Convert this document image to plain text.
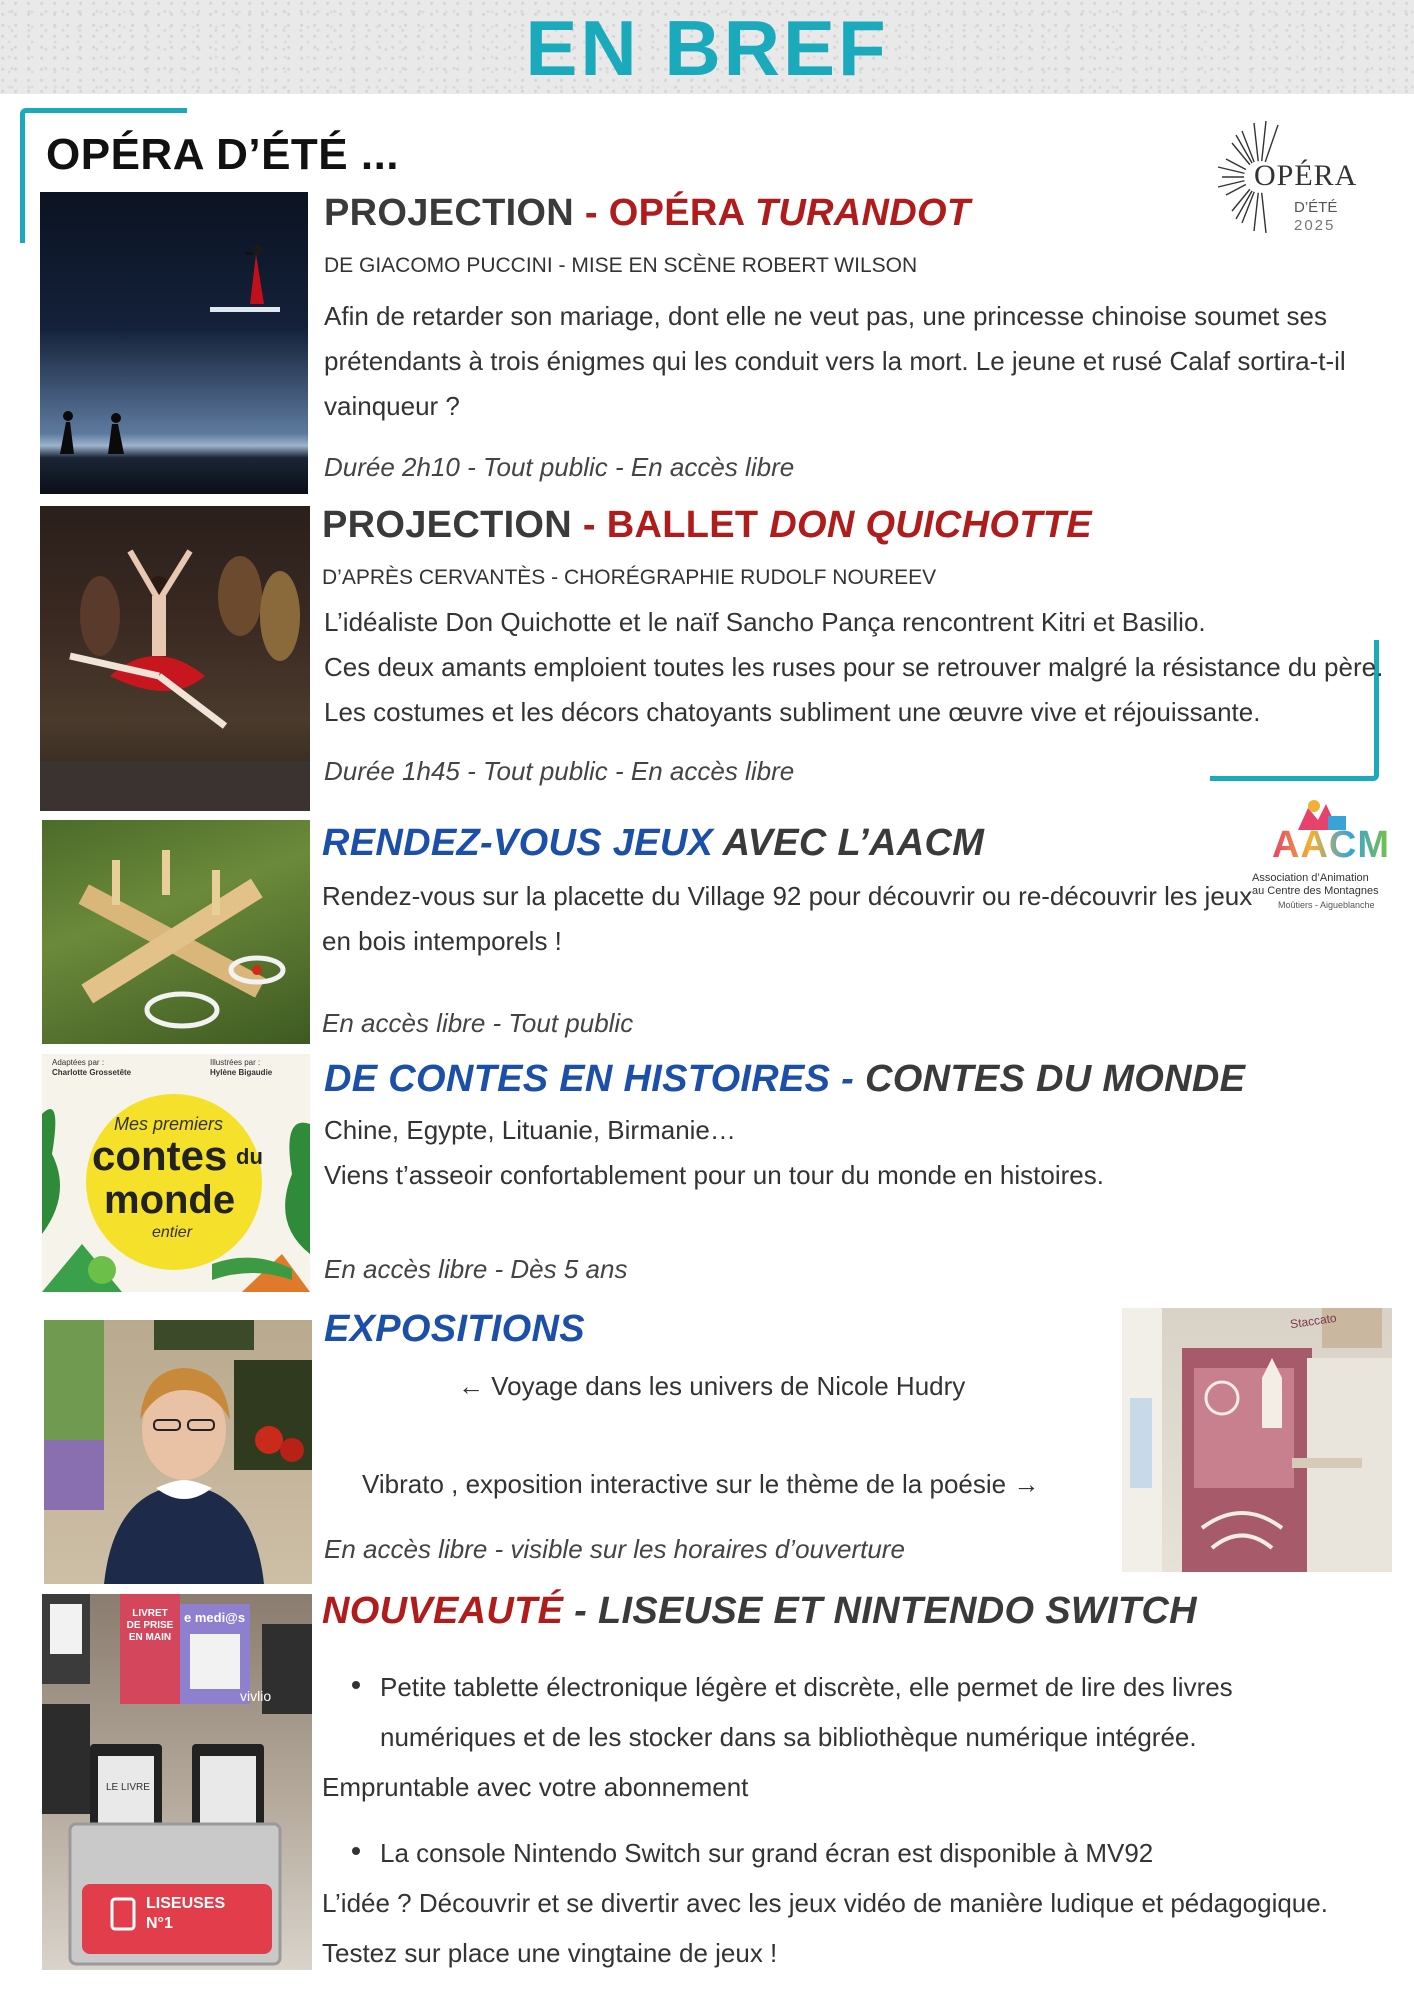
EN BREF
OPÉRA D’ÉTÉ ...	OPÉRA
D’ÉTÉ
2025
PROJECTION - OPÉRA TURANDOT
DE GIACOMO PUCCINI - MISE EN SCÈNE ROBERT WILSON
Afin de retarder son mariage, dont elle ne veut pas, une princesse chinoise soumet ses
prétendants à trois énigmes qui les conduit vers la mort. Le jeune et rusé Calaf sortira-t-il
vainqueur ?
Durée 2h10 - Tout public - En accès libre
PROJECTION - BALLET DON QUICHOTTE
D’APRÈS CERVANTÈS - CHORÉGRAPHIE RUDOLF NOUREEV
L’idéaliste Don Quichotte et le naïf Sancho Pança rencontrent Kitri et Basilio.
Ces deux amants emploient toutes les ruses pour se retrouver malgré la résistance du père.
Les costumes et les décors chatoyants subliment une œuvre vive et réjouissante.
Durée 1h45 - Tout public - En accès libre
RENDEZ-VOUS JEUX AVEC L’AACM
Rendez-vous sur la placette du Village 92 pour découvrir ou re-découvrir les jeux
en bois intemporels !
En accès libre - Tout public
AACM
Association d’Animation
au Centre des Montagnes
Moûtiers - Aigueblanche
Adaptées par :
Charlotte Grossetête
Illustrées par :
Hylène Bigaudie
Mes premiers
contes du
monde
entier
DE CONTES EN HISTOIRES - CONTES DU MONDE
Chine, Egypte, Lituanie, Birmanie…
Viens t’asseoir confortablement pour un tour du monde en histoires.
En accès libre - Dès 5 ans
EXPOSITIONS
← Voyage dans les univers de Nicole Hudry
Vibrato , exposition interactive sur le thème de la poésie →
En accès libre - visible sur les horaires d’ouverture
Staccato
LIVRET DE PRISE EN MAIN
e medi@s
vivlio
LE LIVRE
LISEUSES N°1
NOUVEAUTÉ - LISEUSE ET NINTENDO SWITCH
Petite tablette électronique légère et discrète, elle permet de lire des livres numériques et de les stocker dans sa bibliothèque numérique intégrée.
Empruntable avec votre abonnement
La console Nintendo Switch sur grand écran est disponible à MV92
L’idée ? Découvrir et se divertir avec les jeux vidéo de manière ludique et pédagogique.
Testez sur place une vingtaine de jeux !
